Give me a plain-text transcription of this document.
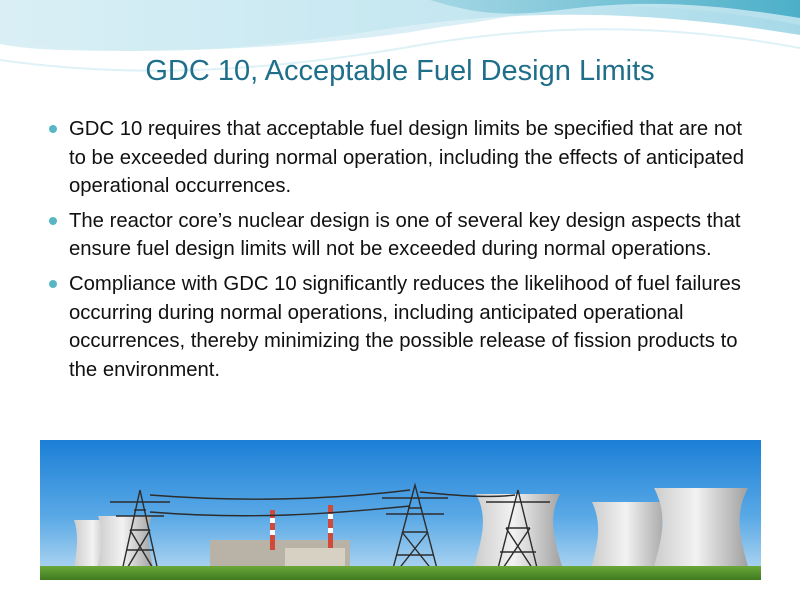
GDC 10, Acceptable Fuel Design Limits
GDC 10 requires that acceptable fuel design limits be specified that are not to be exceeded during normal operation, including the effects of anticipated operational occurrences.
The reactor core’s nuclear design is one of several key design aspects that ensure fuel design limits will not be exceeded during normal operations.
Compliance with GDC 10 significantly reduces the likelihood of fuel failures occurring during normal operations, including anticipated operational occurrences, thereby minimizing the possible release of fission products to the environment.
